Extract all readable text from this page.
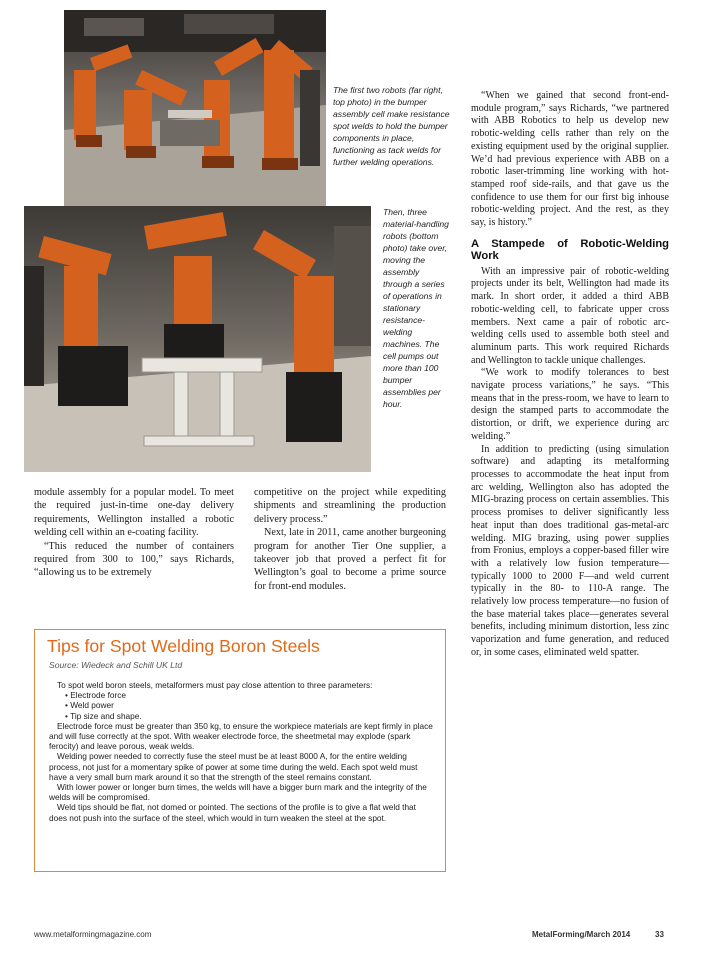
The first two robots (far right, top photo) in the bumper assembly cell make resistance spot welds to hold the bumper components in place, functioning as tack welds for further welding operations.
Then, three material-handling robots (bottom photo) take over, moving the assembly through a series of operations in stationary resistance-welding machines. The cell pumps out more than 100 bumper assemblies per hour.

module assembly for a popular model. To meet the required just-in-time one-day delivery requirements, Wellington installed a robotic welding cell within an e-coating facility.

“This reduced the number of containers required from 300 to 100,” says Richards, “allowing us to be extremely

competitive on the project while expediting shipments and streamlining the production delivery process.”

Next, late in 2011, came another burgeoning program for another Tier One supplier, a takeover job that proved a perfect fit for Wellington’s goal to become a prime source for front-end modules.

“When we gained that second front-end-module program,” says Richards, “we partnered with ABB Robotics to help us develop new robotic-welding cells rather than rely on the existing equipment used by the original supplier. We’d had previous experience with ABB on a robotic laser-trimming line working with hot-stamped roof side-rails, and that gave us the confidence to use them for our first big inhouse robotic-welding project. And the rest, as they say, is history.”

A Stampede of Robotic-Welding Work

With an impressive pair of robotic-welding projects under its belt, Wellington had made its mark. In short order, it added a third ABB robotic-welding cell, to fabricate upper cross members. Next came a pair of robotic arc-welding cells used to assemble both steel and aluminum parts. This work required Richards and Wellington to tackle unique challenges.

“We work to modify tolerances to best navigate process variations,” he says. “This means that in the press-room, we have to learn to design the stamped parts to accommodate the distortion, or drift, we experience during arc welding.”

In addition to predicting (using simulation software) and adapting its metalforming processes to accommodate the heat input from arc welding, Wellington also has adopted the MIG-brazing process on certain assemblies. This process promises to deliver significantly less heat input than does traditional gas-metal-arc welding. MIG brazing, using power supplies from Fronius, employs a copper-based filler wire with a relatively low fusion temperature—typically 1000 to 2000 F—and weld current typically in the 80- to 110-A range. The relatively low process temperature—no fusion of the base material takes place—generates several benefits, including minimum distortion, less zinc vaporization and fume generation, and reduced or, in some cases, eliminated weld spatter.

Tips for Spot Welding Boron Steels
Source: Wiedeck and Schill UK Ltd

To spot weld boron steels, metalformers must pay close attention to three parameters:

• Electrode force
• Weld power
• Tip size and shape.

Electrode force must be greater than 350 kg, to ensure the workpiece materials are kept firmly in place and will fuse correctly at the spot. With weaker electrode force, the sheetmetal may explode (spark ferocity) and leave porous, weak welds.

Welding power needed to correctly fuse the steel must be at least 8000 A, for the entire welding process, not just for a momentary spike of power at some time during the weld. Each spot weld must have a very small burn mark around it so that the strength of the steel remains constant.

With lower power or longer burn times, the welds will have a bigger burn mark and the integrity of the welds will be compromised.

Weld tips should be flat, not domed or pointed. The sections of the profile is to give a flat weld that does not push into the surface of the steel, which would in turn weaken the steel at the spot.

www.metalformingmagazine.com	MetalForming/March 2014	33
